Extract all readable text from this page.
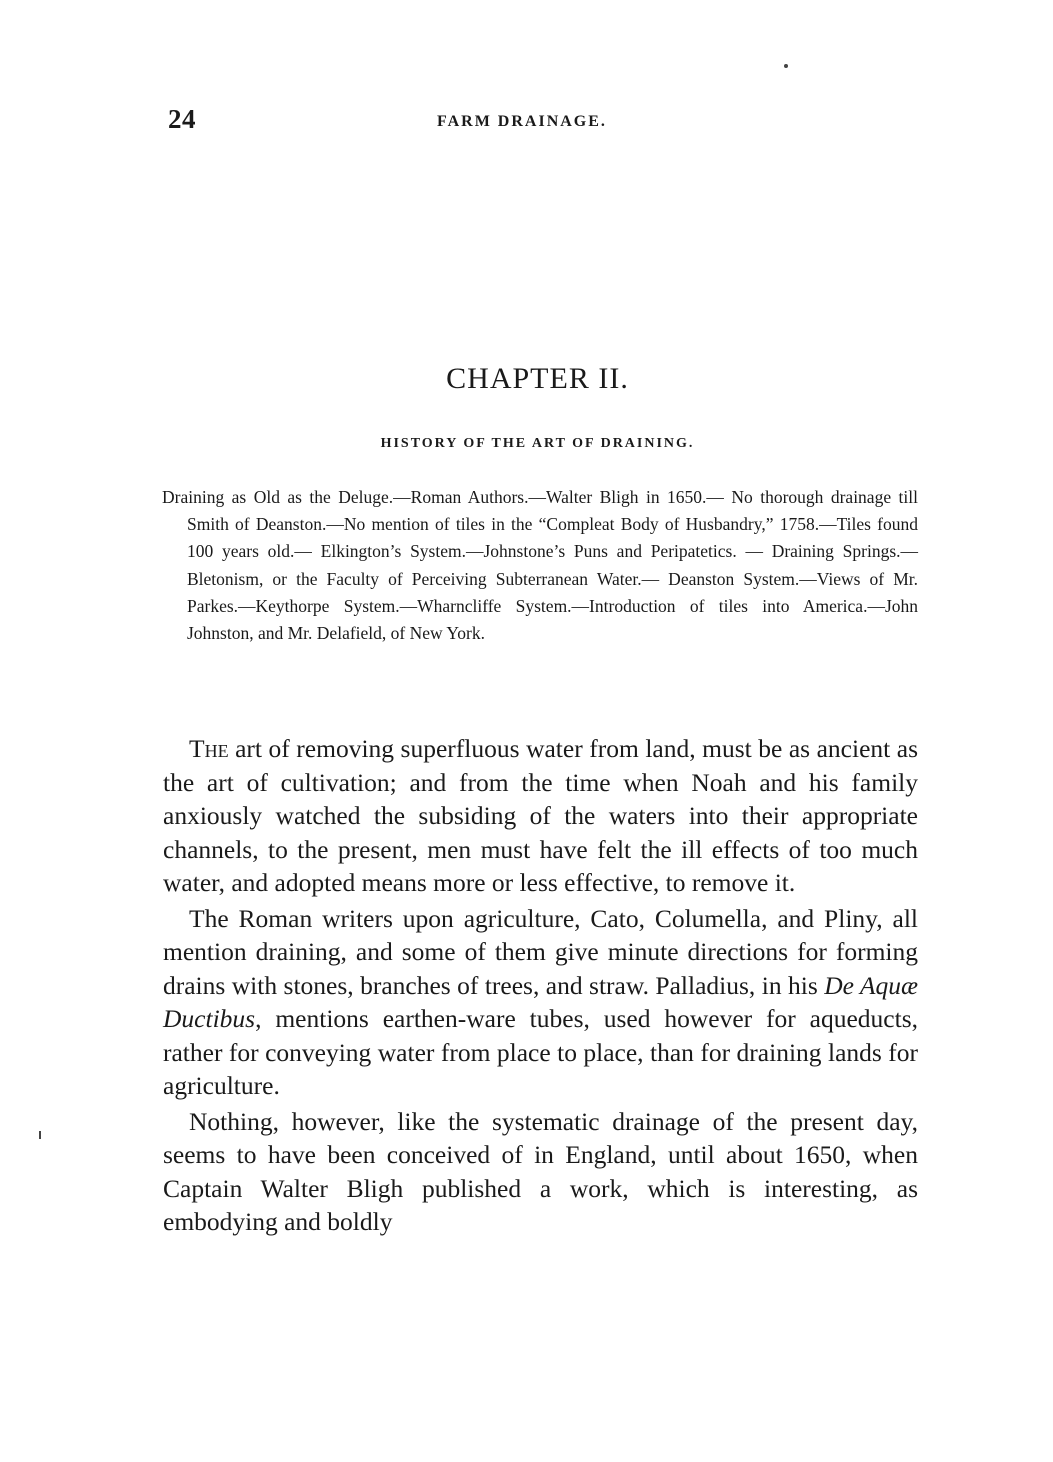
24	FARM DRAINAGE.
CHAPTER II.
HISTORY OF THE ART OF DRAINING.
Draining as Old as the Deluge.—Roman Authors.—Walter Bligh in 1650.— No thorough drainage till Smith of Deanston.—No mention of tiles in the “Compleat Body of Husbandry,” 1758.—Tiles found 100 years old.— Elkington’s System.—Johnstone’s Puns and Peripatetics. — Draining Springs.—Bletonism, or the Faculty of Perceiving Subterranean Water.— Deanston System.—Views of Mr. Parkes.—Keythorpe System.—Wharncliffe System.—Introduction of tiles into America.—John Johnston, and Mr. Delafield, of New York.

The art of removing superfluous water from land, must be as ancient as the art of cultivation; and from the time when Noah and his family anxiously watched the subsiding of the waters into their appropriate channels, to the present, men must have felt the ill effects of too much water, and adopted means more or less effective, to remove it.

The Roman writers upon agriculture, Cato, Columella, and Pliny, all mention draining, and some of them give minute directions for forming drains with stones, branches of trees, and straw. Palladius, in his De Aquæ Ductibus, mentions earthen-ware tubes, used however for aqueducts, rather for conveying water from place to place, than for draining lands for agriculture.

Nothing, however, like the systematic drainage of the present day, seems to have been conceived of in England, until about 1650, when Captain Walter Bligh published a work, which is interesting, as embodying and boldly
